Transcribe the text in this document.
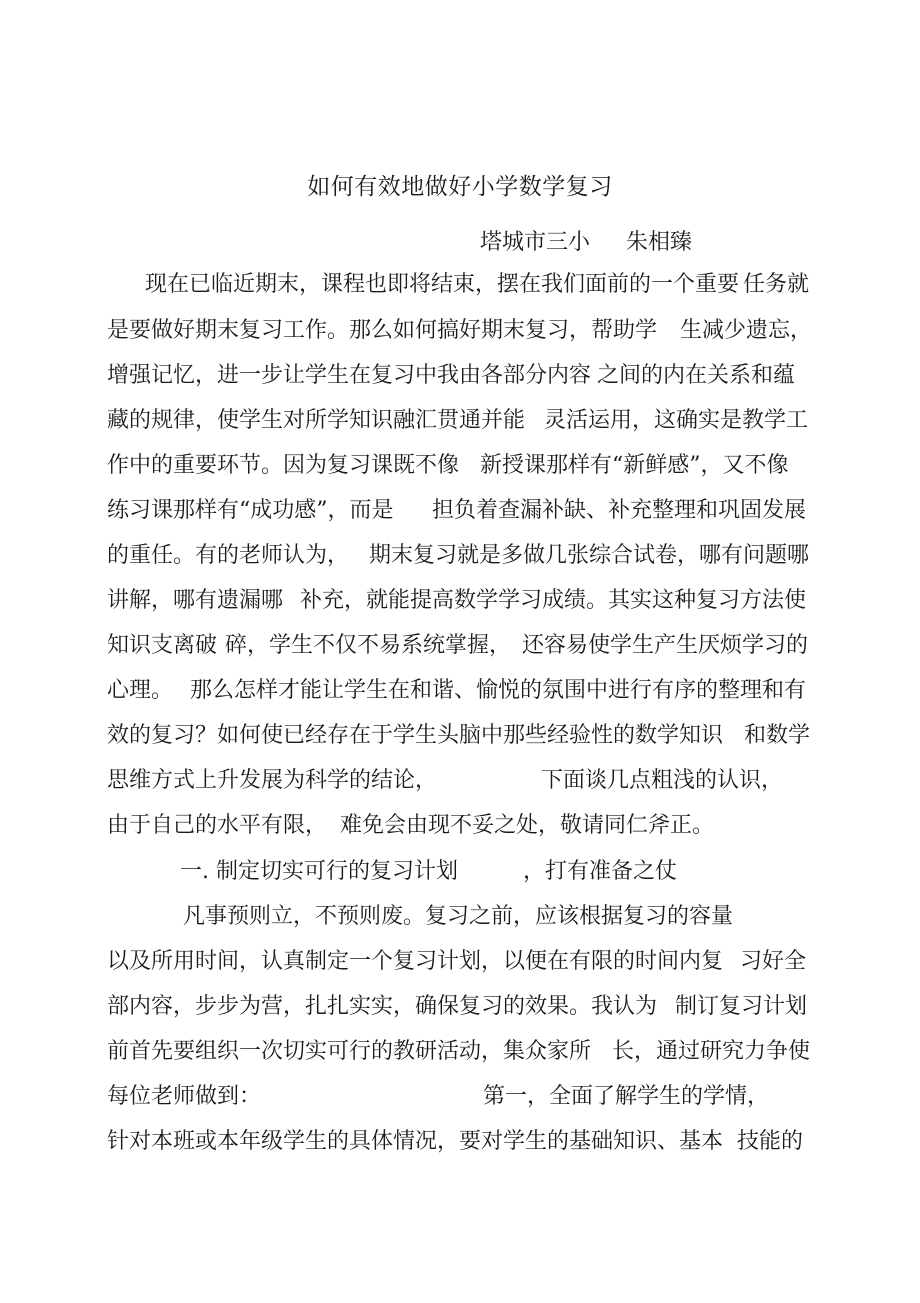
如何有效地做好小学数学复习
塔城市三小 朱相臻
现在已临近期末，课程也即将结束，摆在我们面前的一个重要 任务就
是要做好期末复习工作。那么如何搞好期末复习，帮助学 生减少遗忘，
增强记忆，进一步让学生在复习中我由各部分内容 之间的内在关系和蕴
藏的规律，使学生对所学知识融汇贯通并能 灵活运用，这确实是教学工
作中的重要环节。因为复习课既不像 新授课那样有“新鲜感”，又不像
练习课那样有“成功感”，而是 担负着查漏补缺、补充整理和巩固发展
的重任。有的老师认为， 期末复习就是多做几张综合试卷，哪有问题哪
讲解，哪有遗漏哪 补充，就能提高数学学习成绩。其实这种复习方法使
知识支离破 碎，学生不仅不易系统掌握， 还容易使学生产生厌烦学习的
心理。 那么怎样才能让学生在和谐、愉悦的氛围中进行有序的整理和有
效的复习？如何使已经存在于学生头脑中那些经验性的数学知识 和数学
思维方式上升发展为科学的结论，	下面谈几点粗浅的认识，
由于自己的水平有限， 难免会由现不妥之处，敬请同仁斧正。
一. 制定切实可行的复习计划	，打有准备之仗
凡事预则立，不预则废。复习之前，应该根据复习的容量
以及所用时间，认真制定一个复习计划，以便在有限的时间内复 习好全
部内容，步步为营，扎扎实实，确保复习的效果。我认为 制订复习计划
前首先要组织一次切实可行的教研活动，集众家所 长，通过研究力争使
每位老师做到：	第一，全面了解学生的学情，
针对本班或本年级学生的具体情况，要对学生的基础知识、基本 技能的
